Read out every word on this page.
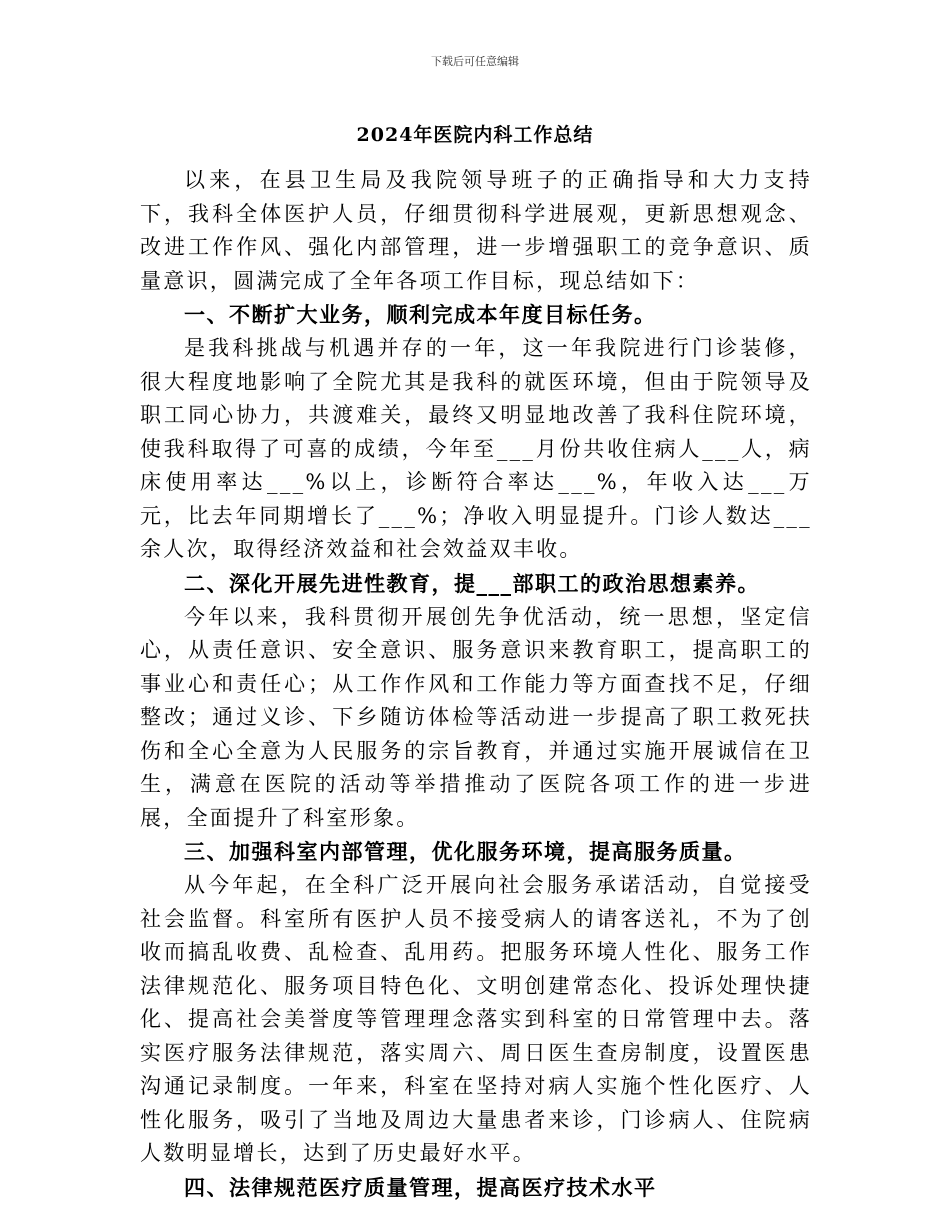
下载后可任意编辑
2024年医院内科工作总结

以来，在县卫生局及我院领导班子的正确指导和大力支持下，我科全体医护人员，仔细贯彻科学进展观，更新思想观念、改进工作作风、强化内部管理，进一步增强职工的竞争意识、质量意识，圆满完成了全年各项工作目标，现总结如下：

一、不断扩大业务，顺利完成本年度目标任务。

是我科挑战与机遇并存的一年，这一年我院进行门诊装修，很大程度地影响了全院尤其是我科的就医环境，但由于院领导及职工同心协力，共渡难关，最终又明显地改善了我科住院环境，使我科取得了可喜的成绩，今年至___月份共收住病人___人，病床使用率达___%以上，诊断符合率达___%，年收入达___万元，比去年同期增长了___%；净收入明显提升。门诊人数达___余人次，取得经济效益和社会效益双丰收。

二、深化开展先进性教育，提___部职工的政治思想素养。

今年以来，我科贯彻开展创先争优活动，统一思想，坚定信心，从责任意识、安全意识、服务意识来教育职工，提高职工的事业心和责任心；从工作作风和工作能力等方面查找不足，仔细整改；通过义诊、下乡随访体检等活动进一步提高了职工救死扶伤和全心全意为人民服务的宗旨教育，并通过实施开展诚信在卫生，满意在医院的活动等举措推动了医院各项工作的进一步进展，全面提升了科室形象。

三、加强科室内部管理，优化服务环境，提高服务质量。

从今年起，在全科广泛开展向社会服务承诺活动，自觉接受社会监督。科室所有医护人员不接受病人的请客送礼，不为了创收而搞乱收费、乱检查、乱用药。把服务环境人性化、服务工作法律规范化、服务项目特色化、文明创建常态化、投诉处理快捷化、提高社会美誉度等管理理念落实到科室的日常管理中去。落实医疗服务法律规范，落实周六、周日医生查房制度，设置医患沟通记录制度。一年来，科室在坚持对病人实施个性化医疗、人性化服务，吸引了当地及周边大量患者来诊，门诊病人、住院病人数明显增长，达到了历史最好水平。

四、法律规范医疗质量管理，提高医疗技术水平
